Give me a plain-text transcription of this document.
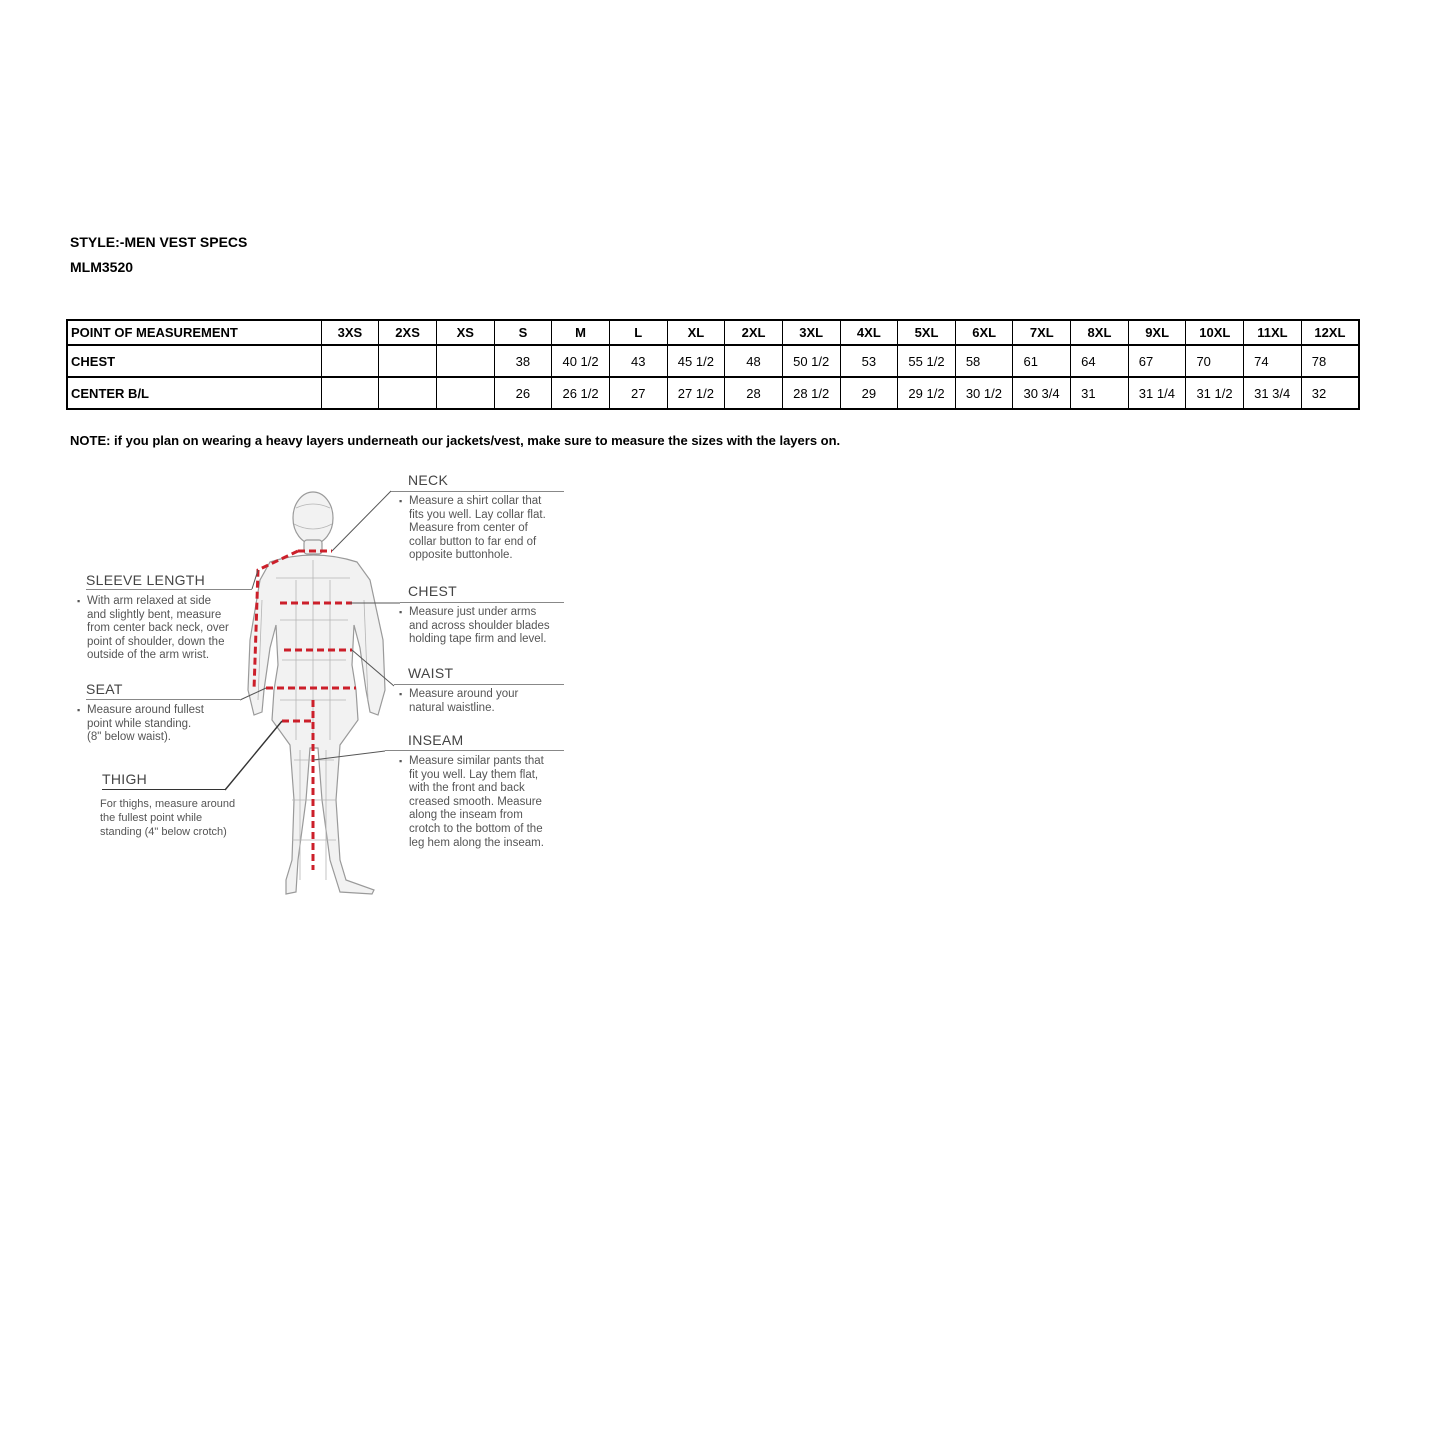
STYLE:-MEN VEST SPECS
MLM3520
POINT OF MEASUREMENT	3XS	2XS	XS	S	M	L	XL	2XL	3XL	4XL	5XL	6XL	7XL	8XL	9XL	10XL	11XL	12XL
CHEST				38	40 1/2	43	45 1/2	48	50 1/2	53	55 1/2	58	61	64	67	70	74	78
CENTER B/L				26	26 1/2	27	27 1/2	28	28 1/2	29	29 1/2	30 1/2	30 3/4	31	31 1/4	31 1/2	31 3/4	32
NOTE: if you plan on wearing a heavy layers underneath our jackets/vest, make sure to measure the sizes with the layers on.
NECK
▪ Measure a shirt collar that
fits you well. Lay collar flat.
Measure from center of
collar button to far end of
opposite buttonhole.
CHEST
▪ Measure just under arms
and across shoulder blades
holding tape firm and level.
WAIST
▪ Measure around your
natural waistline.
INSEAM
▪ Measure similar pants that
fit you well. Lay them flat,
with the front and back
creased smooth. Measure
along the inseam from
crotch to the bottom of the
leg hem along the inseam.
SLEEVE LENGTH
▪ With arm relaxed at side
and slightly bent, measure
from center back neck, over
point of shoulder, down the
outside of the arm wrist.
SEAT
▪ Measure around fullest
point while standing.
(8" below waist).
THIGH
For thighs, measure around
the fullest point while
standing (4" below crotch)
